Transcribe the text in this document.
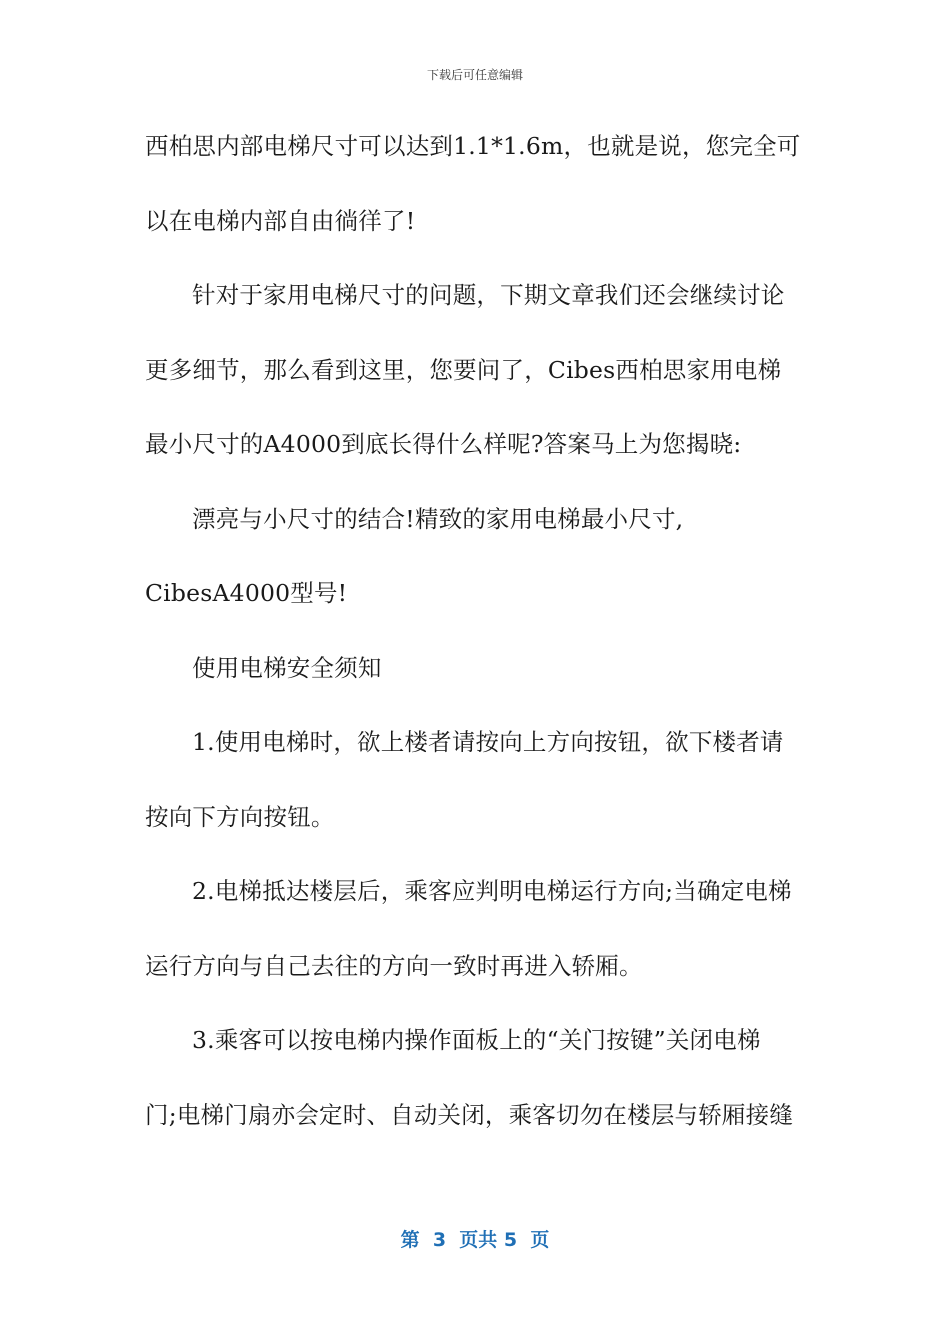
下载后可任意编辑
西柏思内部电梯尺寸可以达到1.1*1.6m，也就是说，您完全可
以在电梯内部自由徜徉了!
针对于家用电梯尺寸的问题，下期文章我们还会继续讨论
更多细节，那么看到这里，您要问了，Cibes西柏思家用电梯
最小尺寸的A4000到底长得什么样呢?答案马上为您揭晓:
漂亮与小尺寸的结合!精致的家用电梯最小尺寸,
CibesA4000型号!
使用电梯安全须知
1.使用电梯时，欲上楼者请按向上方向按钮，欲下楼者请
按向下方向按钮。
2.电梯抵达楼层后，乘客应判明电梯运行方向;当确定电梯
运行方向与自己去往的方向一致时再进入轿厢。
3.乘客可以按电梯内操作面板上的“关门按键”关闭电梯
门;电梯门扇亦会定时、自动关闭，乘客切勿在楼层与轿厢接缝
第  3  页共 5  页
